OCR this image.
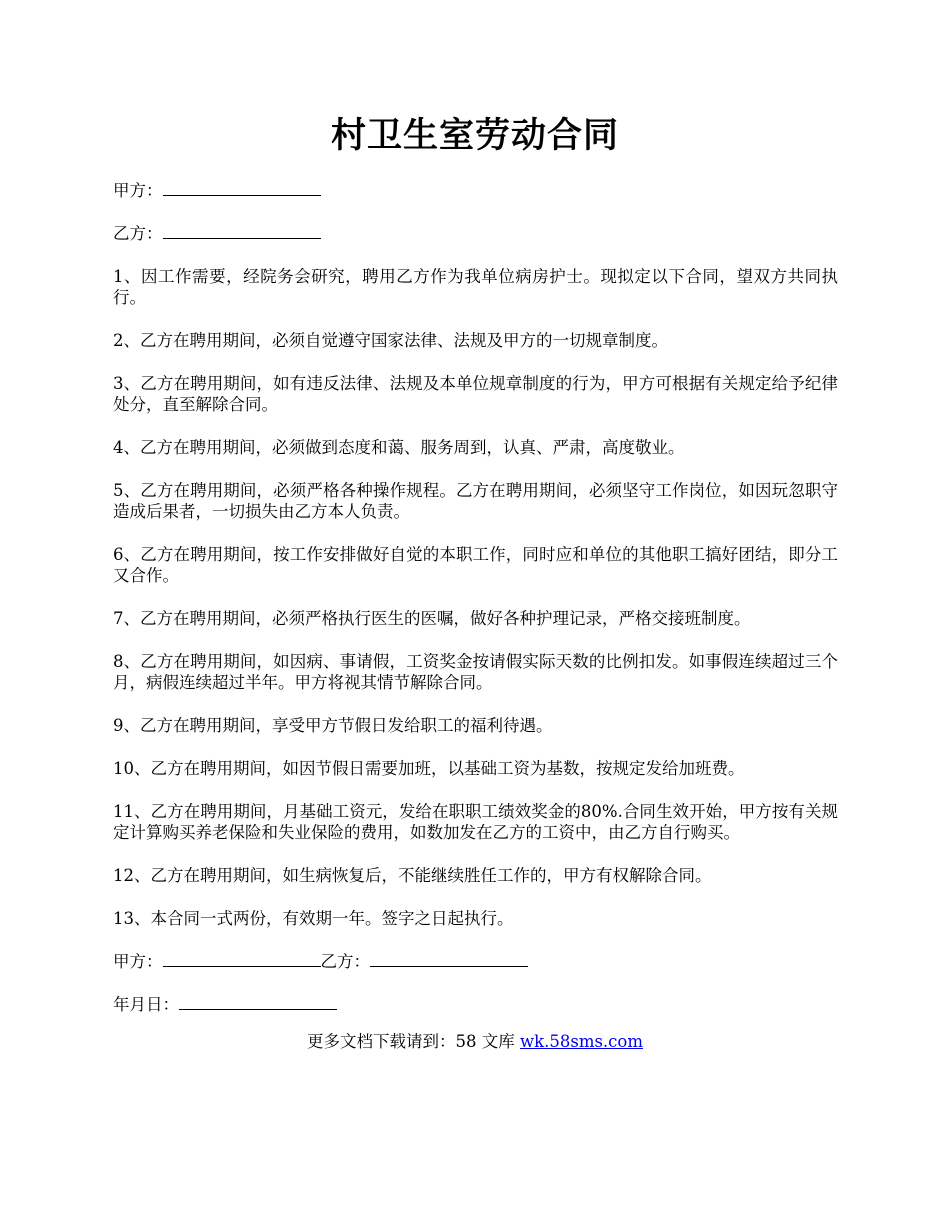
村卫生室劳动合同

甲方：

乙方：

1、因工作需要，经院务会研究，聘用乙方作为我单位病房护士。现拟定以下合同，望双方共同执行。

2、乙方在聘用期间，必须自觉遵守国家法律、法规及甲方的一切规章制度。

3、乙方在聘用期间，如有违反法律、法规及本单位规章制度的行为，甲方可根据有关规定给予纪律处分，直至解除合同。

4、乙方在聘用期间，必须做到态度和蔼、服务周到，认真、严肃，高度敬业。

5、乙方在聘用期间，必须严格各种操作规程。乙方在聘用期间，必须坚守工作岗位，如因玩忽职守造成后果者，一切损失由乙方本人负责。

6、乙方在聘用期间，按工作安排做好自觉的本职工作，同时应和单位的其他职工搞好团结，即分工又合作。

7、乙方在聘用期间，必须严格执行医生的医嘱，做好各种护理记录，严格交接班制度。

8、乙方在聘用期间，如因病、事请假，工资奖金按请假实际天数的比例扣发。如事假连续超过三个月，病假连续超过半年。甲方将视其情节解除合同。

9、乙方在聘用期间，享受甲方节假日发给职工的福利待遇。

10、乙方在聘用期间，如因节假日需要加班，以基础工资为基数，按规定发给加班费。

11、乙方在聘用期间，月基础工资元，发给在职职工绩效奖金的80%.合同生效开始，甲方按有关规定计算购买养老保险和失业保险的费用，如数加发在乙方的工资中，由乙方自行购买。

12、乙方在聘用期间，如生病恢复后，不能继续胜任工作的，甲方有权解除合同。

13、本合同一式两份，有效期一年。签字之日起执行。

甲方：	乙方：

年月日：

更多文档下载请到：58 文库 wk.58sms.com
